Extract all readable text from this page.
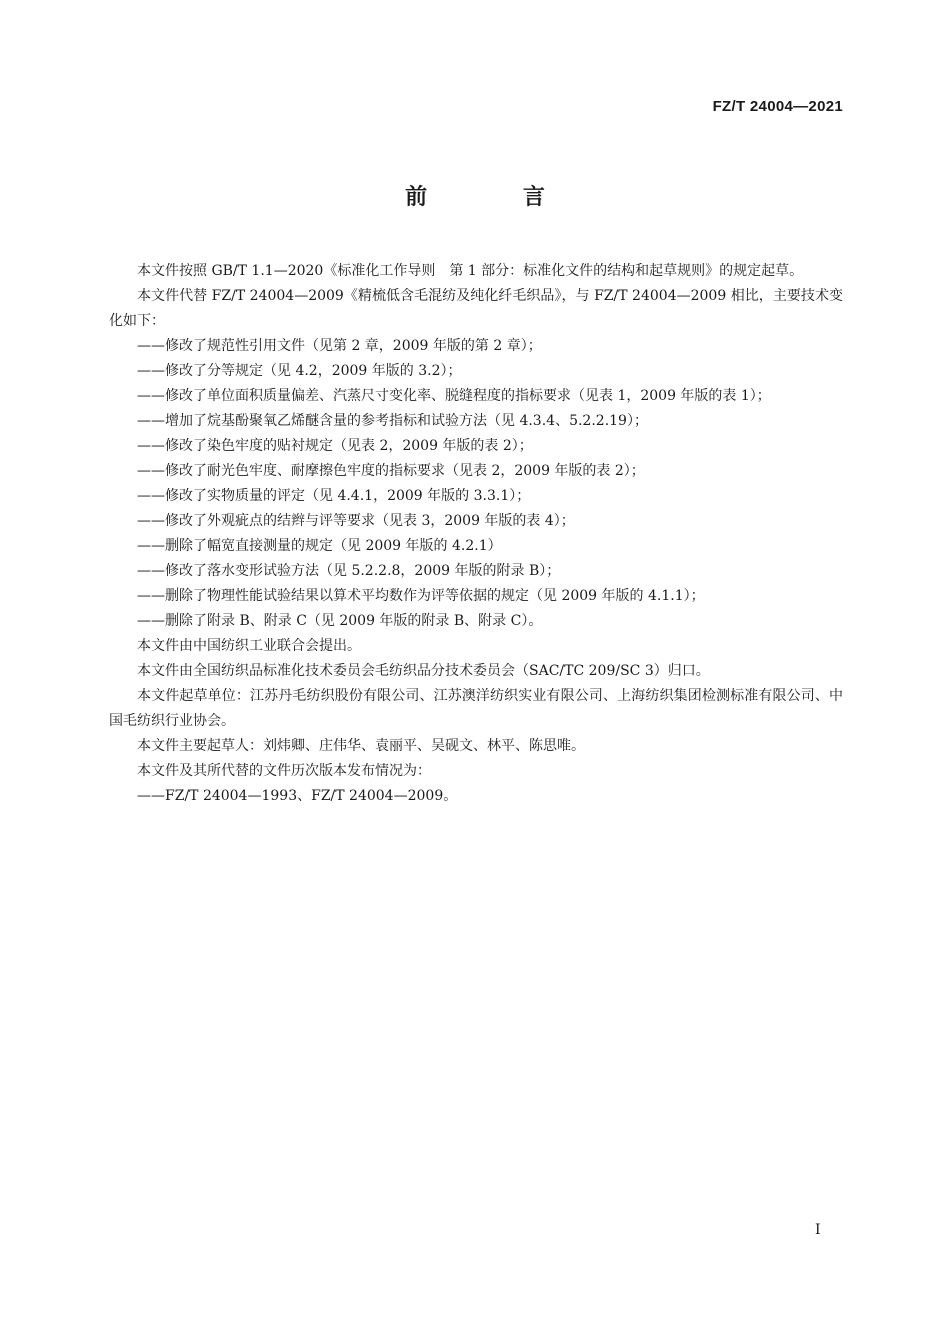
FZ/T 24004—2021
前 言

本文件按照 GB/T 1.1—2020《标准化工作导则　第 1 部分：标准化文件的结构和起草规则》的规定起草。

本文件代替 FZ/T 24004—2009《精梳低含毛混纺及纯化纤毛织品》，与 FZ/T 24004—2009 相比，主要技术变化如下：

——修改了规范性引用文件（见第 2 章，2009 年版的第 2 章）；
——修改了分等规定（见 4.2，2009 年版的 3.2）；
——修改了单位面积质量偏差、汽蒸尺寸变化率、脱缝程度的指标要求（见表 1，2009 年版的表 1）；
——增加了烷基酚聚氧乙烯醚含量的参考指标和试验方法（见 4.3.4、5.2.2.19）；
——修改了染色牢度的贴衬规定（见表 2，2009 年版的表 2）；
——修改了耐光色牢度、耐摩擦色牢度的指标要求（见表 2，2009 年版的表 2）；
——修改了实物质量的评定（见 4.4.1，2009 年版的 3.3.1）；
——修改了外观疵点的结辫与评等要求（见表 3，2009 年版的表 4）；
——删除了幅宽直接测量的规定（见 2009 年版的 4.2.1）
——修改了落水变形试验方法（见 5.2.2.8，2009 年版的附录 B）；
——删除了物理性能试验结果以算术平均数作为评等依据的规定（见 2009 年版的 4.1.1）；
——删除了附录 B、附录 C（见 2009 年版的附录 B、附录 C）。

本文件由中国纺织工业联合会提出。

本文件由全国纺织品标准化技术委员会毛纺织品分技术委员会（SAC/TC 209/SC 3）归口。

本文件起草单位：江苏丹毛纺织股份有限公司、江苏澳洋纺织实业有限公司、上海纺织集团检测标准有限公司、中国毛纺织行业协会。

本文件主要起草人：刘炜卿、庄伟华、袁丽平、吴砚文、林平、陈思唯。

本文件及其所代替的文件历次版本发布情况为：

——FZ/T 24004—1993、FZ/T 24004—2009。
I
